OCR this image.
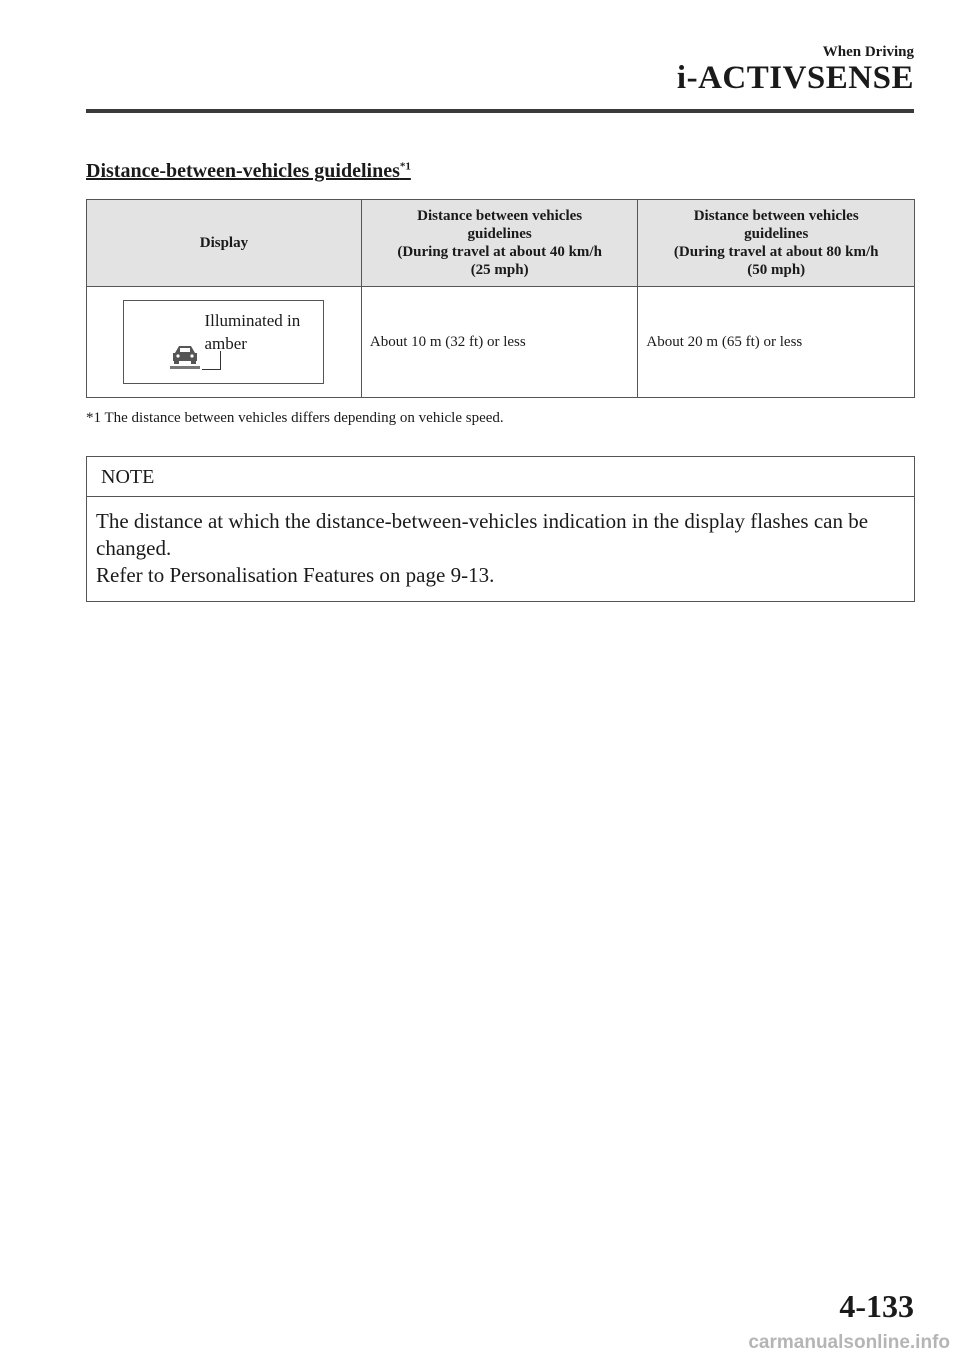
When Driving
i-ACTIVSENSE
Distance-between-vehicles guidelines$^{*1}$
Display	Distance between vehicles
guidelines
(During travel at about 40 km/h
(25 mph)	Distance between vehicles
guidelines
(During travel at about 80 km/h
(50 mph)

Illuminated in
amber	About 10 m (32 ft) or less	About 20 m (65 ft) or less
*1 The distance between vehicles differs depending on vehicle speed.
NOTE

The distance at which the distance-between-vehicles indication in the display flashes can be changed.

Refer to Personalisation Features on page 9-13.

4-133
carmanualsonline.info
